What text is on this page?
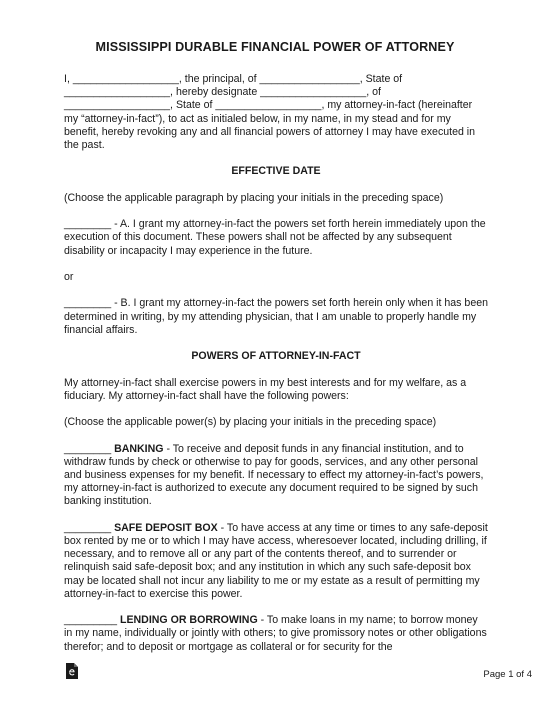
MISSISSIPPI DURABLE FINANCIAL POWER OF ATTORNEY

I, __________________, the principal, of _________________, State of __________________, hereby designate __________________, of __________________, State of __________________, my attorney-in-fact (hereinafter my “attorney-in-fact”), to act as initialed below, in my name, in my stead and for my benefit, hereby revoking any and all financial powers of attorney I may have executed in the past.

EFFECTIVE DATE

(Choose the applicable paragraph by placing your initials in the preceding space)

________ - A. I grant my attorney-in-fact the powers set forth herein immediately upon the execution of this document. These powers shall not be affected by any subsequent disability or incapacity I may experience in the future.

or

________ - B. I grant my attorney-in-fact the powers set forth herein only when it has been determined in writing, by my attending physician, that I am unable to properly handle my financial affairs.

POWERS OF ATTORNEY-IN-FACT

My attorney-in-fact shall exercise powers in my best interests and for my welfare, as a fiduciary. My attorney-in-fact shall have the following powers:

(Choose the applicable power(s) by placing your initials in the preceding space)

________ BANKING - To receive and deposit funds in any financial institution, and to withdraw funds by check or otherwise to pay for goods, services, and any other personal and business expenses for my benefit. If necessary to effect my attorney-in-fact’s powers, my attorney-in-fact is authorized to execute any document required to be signed by such banking institution.

________ SAFE DEPOSIT BOX - To have access at any time or times to any safe-deposit box rented by me or to which I may have access, wheresoever located, including drilling, if necessary, and to remove all or any part of the contents thereof, and to surrender or relinquish said safe-deposit box; and any institution in which any such safe-deposit box may be located shall not incur any liability to me or my estate as a result of permitting my attorney-in-fact to exercise this power.

_________ LENDING OR BORROWING - To make loans in my name; to borrow money in my name, individually or jointly with others; to give promissory notes or other obligations therefor; and to deposit or mortgage as collateral or for security for the

Page 1 of 4
